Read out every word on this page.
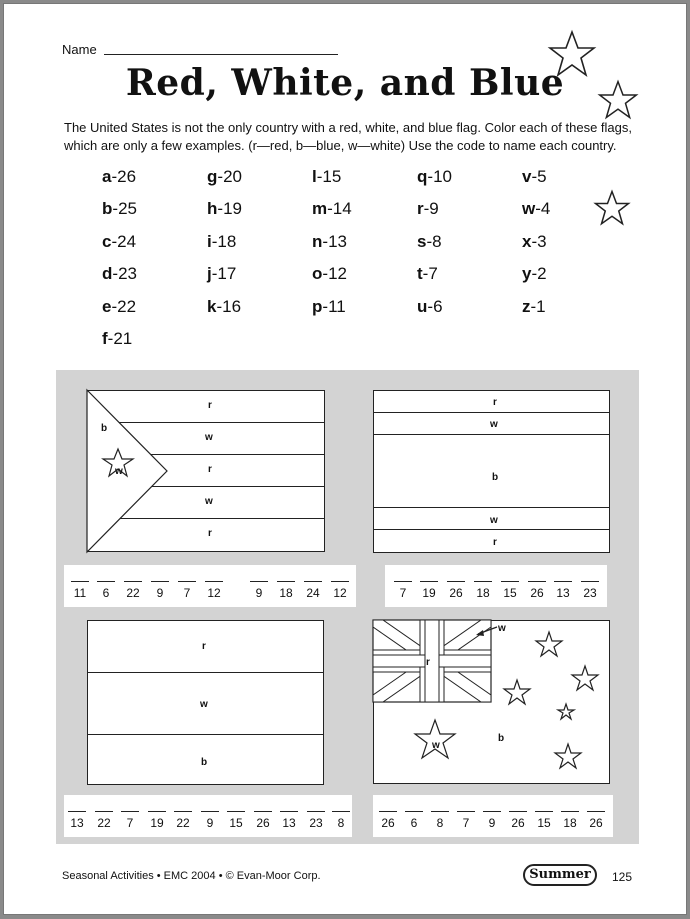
Name
Red, White, and Blue
The United States is not the only country with a red, white, and blue flag. Color each of these flags, which are only a few examples. (r—red, b—blue, w—white) Use the code to name each country.
a-26
b-25
c-24
d-23
e-22
f-21
g-20
h-19
i-18
j-17
k-16
l-15
m-14
n-13
o-12
p-11
q-10
r-9
s-8
t-7
u-6
v-5
w-4
x-3
y-2
z-1
r
w
r
w
r
b
w
r
w
b
w
r
r
w
b
w
r
b
w
11	6	22	9	7	12	9	18 24 12	7	19 26 18 15 26 13 23
13 22	7	19 22	9	15 26 13 23	8	26	6	8	7	9	26 15 18 26
Seasonal Activities • EMC 2004 • © Evan-Moor Corp.	Summer	125
